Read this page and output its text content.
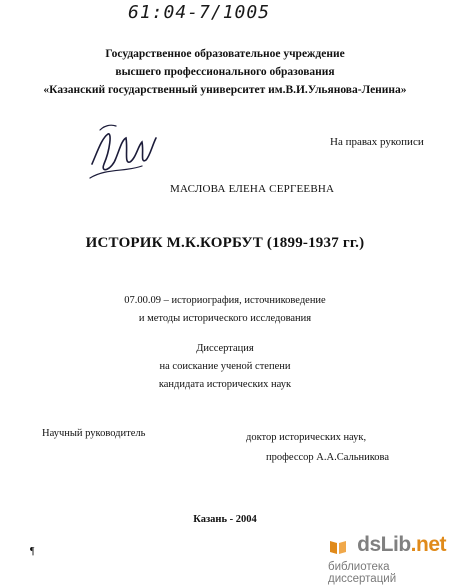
61:04-7/1005
Государственное образовательное учреждение
высшего профессионального образования
«Казанский государственный университет им.В.И.Ульянова-Ленина»
На правах рукописи
МАСЛОВА ЕЛЕНА СЕРГЕЕВНА
ИСТОРИК М.К.КОРБУТ (1899-1937 гг.)
07.00.09 – историография, источниковедение
и методы исторического исследования
Диссертация
на соискание ученой степени
кандидата исторических наук
Научный руководитель	доктор исторических наук,
профессор А.А.Сальникова
Казань - 2004
¶	dsLib.net
библиотека диссертаций
